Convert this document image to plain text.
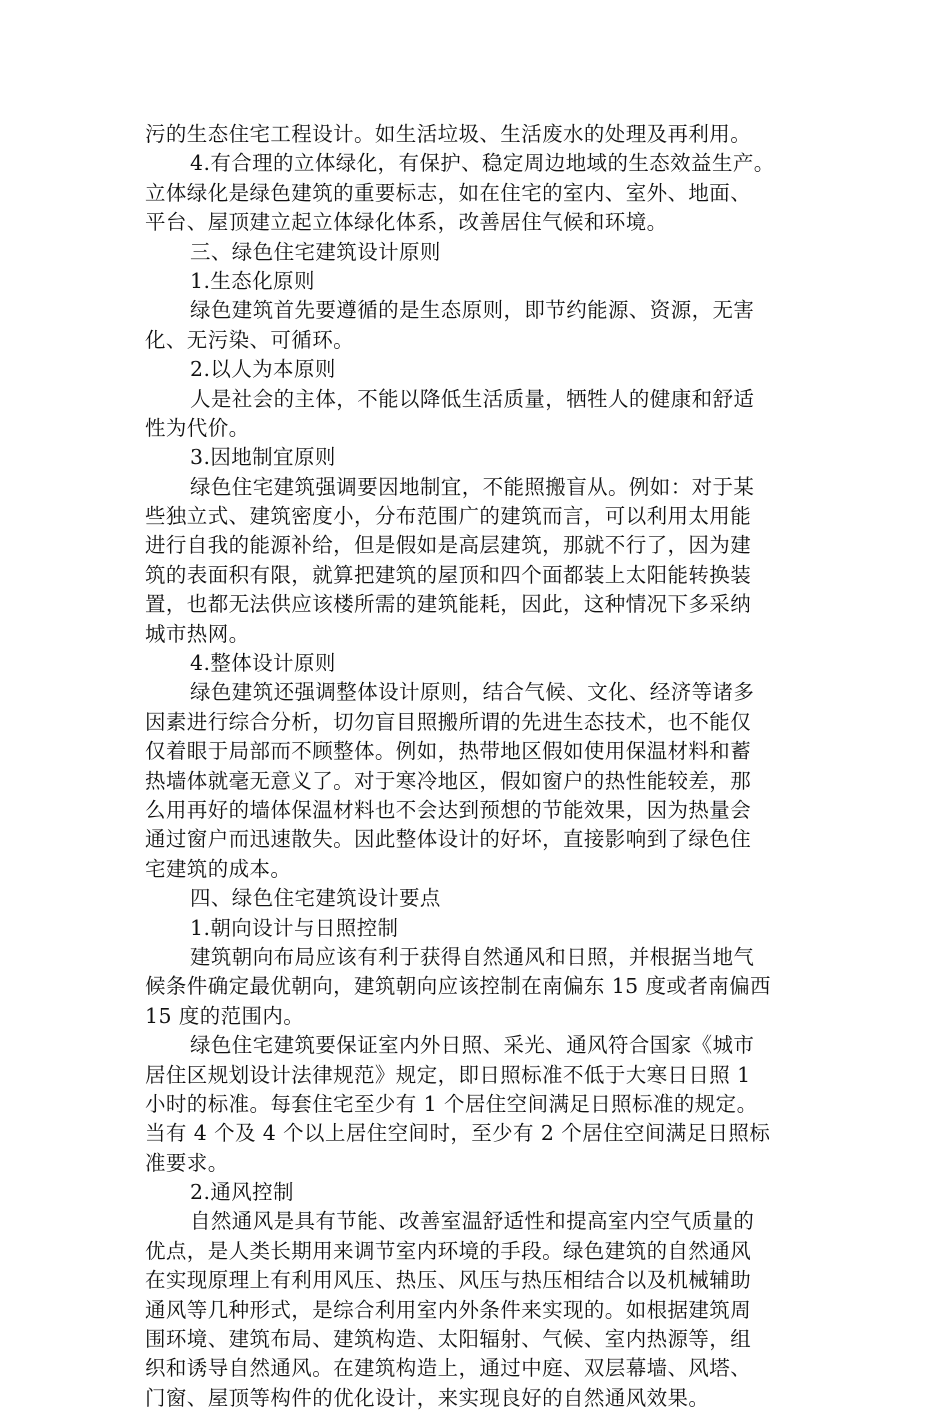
污的生态住宅工程设计。如生活垃圾、生活废水的处理及再利用。
4.有合理的立体绿化，有保护、稳定周边地域的生态效益生产。
立体绿化是绿色建筑的重要标志，如在住宅的室内、室外、地面、
平台、屋顶建立起立体绿化体系，改善居住气候和环境。
三、绿色住宅建筑设计原则
1.生态化原则
绿色建筑首先要遵循的是生态原则，即节约能源、资源，无害
化、无污染、可循环。
2.以人为本原则
人是社会的主体，不能以降低生活质量，牺牲人的健康和舒适
性为代价。
3.因地制宜原则
绿色住宅建筑强调要因地制宜，不能照搬盲从。例如：对于某
些独立式、建筑密度小，分布范围广的建筑而言，可以利用太用能
进行自我的能源补给，但是假如是高层建筑，那就不行了，因为建
筑的表面积有限，就算把建筑的屋顶和四个面都装上太阳能转换装
置，也都无法供应该楼所需的建筑能耗，因此，这种情况下多采纳
城市热网。
4.整体设计原则
绿色建筑还强调整体设计原则，结合气候、文化、经济等诸多
因素进行综合分析，切勿盲目照搬所谓的先进生态技术，也不能仅
仅着眼于局部而不顾整体。例如，热带地区假如使用保温材料和蓄
热墙体就毫无意义了。对于寒冷地区，假如窗户的热性能较差，那
么用再好的墙体保温材料也不会达到预想的节能效果，因为热量会
通过窗户而迅速散失。因此整体设计的好坏，直接影响到了绿色住
宅建筑的成本。
四、绿色住宅建筑设计要点
1.朝向设计与日照控制
建筑朝向布局应该有利于获得自然通风和日照，并根据当地气
候条件确定最优朝向，建筑朝向应该控制在南偏东 15 度或者南偏西
15 度的范围内。
绿色住宅建筑要保证室内外日照、采光、通风符合国家《城市
居住区规划设计法律规范》规定，即日照标准不低于大寒日日照 1
小时的标准。每套住宅至少有 1 个居住空间满足日照标准的规定。
当有 4 个及 4 个以上居住空间时，至少有 2 个居住空间满足日照标
准要求。
2.通风控制
自然通风是具有节能、改善室温舒适性和提高室内空气质量的
优点，是人类长期用来调节室内环境的手段。绿色建筑的自然通风
在实现原理上有利用风压、热压、风压与热压相结合以及机械辅助
通风等几种形式，是综合利用室内外条件来实现的。如根据建筑周
围环境、建筑布局、建筑构造、太阳辐射、气候、室内热源等，组
织和诱导自然通风。在建筑构造上，通过中庭、双层幕墙、风塔、
门窗、屋顶等构件的优化设计，来实现良好的自然通风效果。
